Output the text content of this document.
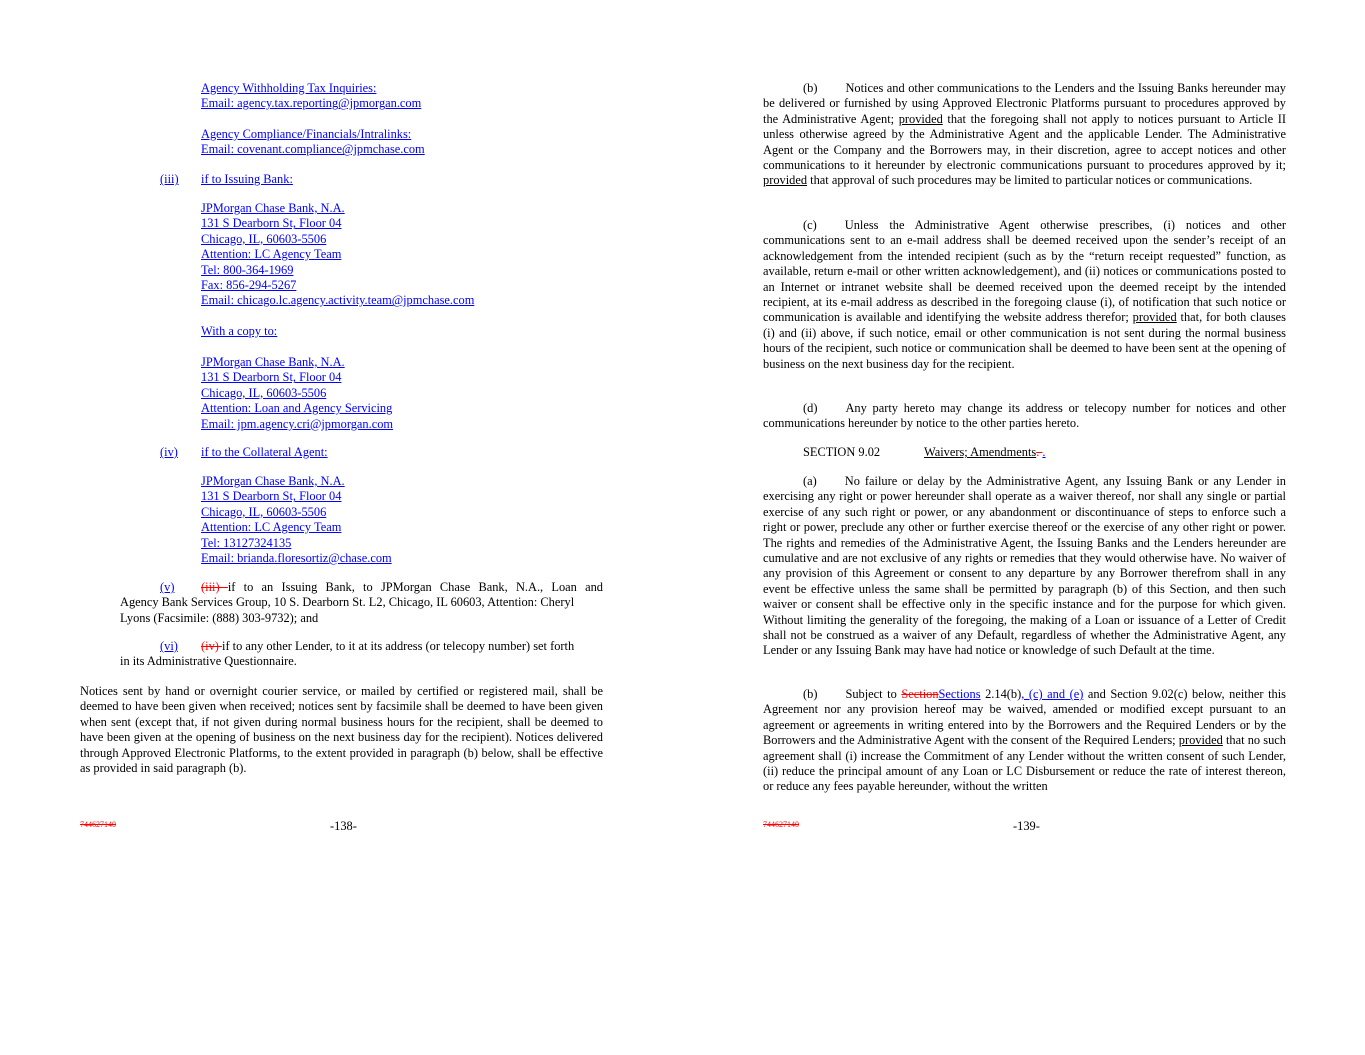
Agency Withholding Tax Inquiries:
Email: agency.tax.reporting@jpmorgan.com
Agency Compliance/Financials/Intralinks:
Email: covenant.compliance@jpmchase.com
(iii) if to Issuing Bank:
JPMorgan Chase Bank, N.A.
131 S Dearborn St, Floor 04
Chicago, IL, 60603-5506
Attention: LC Agency Team
Tel: 800-364-1969
Fax: 856-294-5267
Email: chicago.lc.agency.activity.team@jpmchase.com
With a copy to:
JPMorgan Chase Bank, N.A.
131 S Dearborn St, Floor 04
Chicago, IL, 60603-5506
Attention: Loan and Agency Servicing
Email: jpm.agency.cri@jpmorgan.com
(iv) if to the Collateral Agent:
JPMorgan Chase Bank, N.A.
131 S Dearborn St, Floor 04
Chicago, IL, 60603-5506
Attention: LC Agency Team
Tel: 13127324135
Email: brianda.floresortiz@chase.com
(v) (iii) if to an Issuing Bank, to JPMorgan Chase Bank, N.A., Loan and
Agency Bank Services Group, 10 S. Dearborn St. L2, Chicago, IL 60603, Attention: Cheryl
Lyons (Facsimile: (888) 303-9732); and
(vi) (iv) if to any other Lender, to it at its address (or telecopy number) set forth
in its Administrative Questionnaire.

Notices sent by hand or overnight courier service, or mailed by certified or registered mail, shall be deemed to have been given when received; notices sent by facsimile shall be deemed to have been given when sent (except that, if not given during normal business hours for the recipient, shall be deemed to have been given at the opening of business on the next business day for the recipient). Notices delivered through Approved Electronic Platforms, to the extent provided in paragraph (b) below, shall be effective as provided in said paragraph (b).

744627140	-138-

(b) Notices and other communications to the Lenders and the Issuing Banks hereunder may be delivered or furnished by using Approved Electronic Platforms pursuant to procedures approved by the Administrative Agent; provided that the foregoing shall not apply to notices pursuant to Article II unless otherwise agreed by the Administrative Agent and the applicable Lender. The Administrative Agent or the Company and the Borrowers may, in their discretion, agree to accept notices and other communications to it hereunder by electronic communications pursuant to procedures approved by it; provided that approval of such procedures may be limited to particular notices or communications.

(c) Unless the Administrative Agent otherwise prescribes, (i) notices and other communications sent to an e-mail address shall be deemed received upon the sender’s receipt of an acknowledgement from the intended recipient (such as by the “return receipt requested” function, as available, return e-mail or other written acknowledgement), and (ii) notices or communications posted to an Internet or intranet website shall be deemed received upon the deemed receipt by the intended recipient, at its e-mail address as described in the foregoing clause (i), of notification that such notice or communication is available and identifying the website address therefor; provided that, for both clauses (i) and (ii) above, if such notice, email or other communication is not sent during the normal business hours of the recipient, such notice or communication shall be deemed to have been sent at the opening of business on the next business day for the recipient.

(d) Any party hereto may change its address or telecopy number for notices and other communications hereunder by notice to the other parties hereto.

SECTION 9.02	Waivers; Amendments. .

(a) No failure or delay by the Administrative Agent, any Issuing Bank or any Lender in exercising any right or power hereunder shall operate as a waiver thereof, nor shall any single or partial exercise of any such right or power, or any abandonment or discontinuance of steps to enforce such a right or power, preclude any other or further exercise thereof or the exercise of any other right or power. The rights and remedies of the Administrative Agent, the Issuing Banks and the Lenders hereunder are cumulative and are not exclusive of any rights or remedies that they would otherwise have. No waiver of any provision of this Agreement or consent to any departure by any Borrower therefrom shall in any event be effective unless the same shall be permitted by paragraph (b) of this Section, and then such waiver or consent shall be effective only in the specific instance and for the purpose for which given. Without limiting the generality of the foregoing, the making of a Loan or issuance of a Letter of Credit shall not be construed as a waiver of any Default, regardless of whether the Administrative Agent, any Lender or any Issuing Bank may have had notice or knowledge of such Default at the time.

(b) Subject to SectionSections 2.14(b), (c) and (e) and Section 9.02(c) below, neither this Agreement nor any provision hereof may be waived, amended or modified except pursuant to an agreement or agreements in writing entered into by the Borrowers and the Required Lenders or by the Borrowers and the Administrative Agent with the consent of the Required Lenders; provided that no such agreement shall (i) increase the Commitment of any Lender without the written consent of such Lender, (ii) reduce the principal amount of any Loan or LC Disbursement or reduce the rate of interest thereon, or reduce any fees payable hereunder, without the written

744627140	-139-
